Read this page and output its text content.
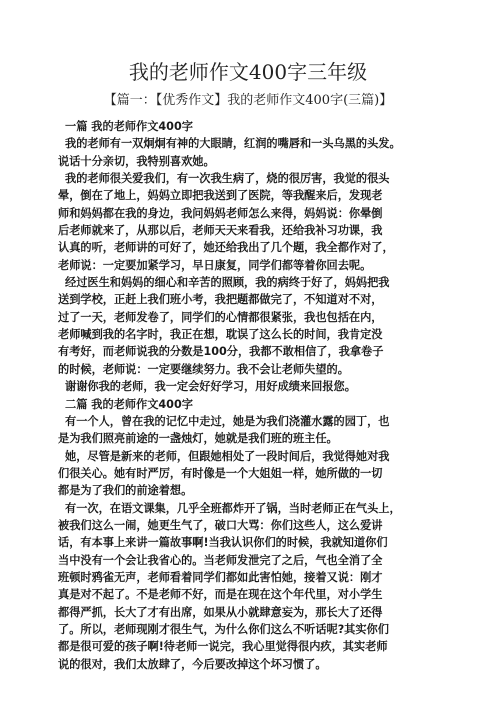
我的老师作文400字三年级
【篇一：【优秀作文】我的老师作文400字(三篇)】
一篇 我的老师作文400字
我的老师有一双炯炯有神的大眼睛，红润的嘴唇和一头乌黑的头发。
说话十分亲切，我特别喜欢她。
我的老师很关爱我们，有一次我生病了，烧的很厉害，我觉的很头
晕，倒在了地上，妈妈立即把我送到了医院，等我醒来后，发现老
师和妈妈都在我的身边，我问妈妈老师怎么来得，妈妈说：你晕倒
后老师就来了，从那以后，老师天天来看我，还给我补习功课，我
认真的听，老师讲的可好了，她还给我出了几个题，我全都作对了，
老师说：一定要加紧学习，早日康复，同学们都等着你回去呢。
经过医生和妈妈的细心和辛苦的照顾，我的病终于好了，妈妈把我
送到学校，正赶上我们班小考，我把题都做完了，不知道对不对，
过了一天，老师发卷了，同学们的心情都很紧张，我也包括在内，
老师喊到我的名字时，我正在想，耽误了这么长的时间，我肯定没
有考好，而老师说我的分数是100分，我都不敢相信了，我拿卷子
的时候，老师说：一定要继续努力。我不会让老师失望的。
谢谢你我的老师，我一定会好好学习，用好成绩来回报您。
二篇 我的老师作文400字
有一个人，曾在我的记忆中走过，她是为我们浇灌水露的园丁，也
是为我们照亮前途的一盏烛灯，她就是我们班的班主任。
她，尽管是新来的老师，但跟她相处了一段时间后，我觉得她对我
们很关心。她有时严厉，有时像是一个大姐姐一样，她所做的一切
都是为了我们的前途着想。
有一次，在语文课集，几乎全班都炸开了锅，当时老师正在气头上，
被我们这么一闹，她更生气了，破口大骂：你们这些人，这么爱讲
话，有本事上来讲一篇故事啊!当我认识你们的时候，我就知道你们
当中没有一个会让我省心的。当老师发泄完了之后，气也全消了全
班顿时鸦雀无声，老师看着同学们都如此害怕她，接着又说：刚才
真是对不起了。不是老师不好，而是在现在这个年代里，对小学生
都得严抓，长大了才有出席，如果从小就肆意妄为，那长大了还得
了。所以，老师现刚才很生气，为什么你们这么不听话呢?其实你们
都是很可爱的孩子啊!待老师一说完，我心里觉得很内疚，其实老师
说的很对，我们太放肆了，今后要改掉这个坏习惯了。
